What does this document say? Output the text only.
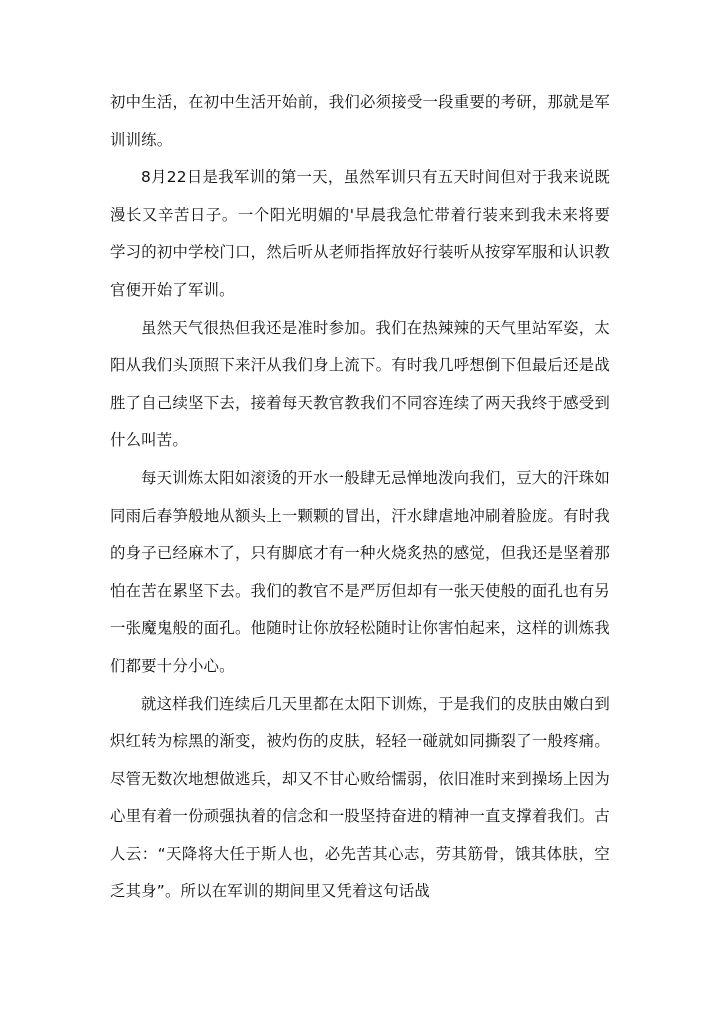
初中生活，在初中生活开始前，我们必须接受一段重要的考研，那就是军训训练。

8月22日是我军训的第一天，虽然军训只有五天时间但对于我来说既漫长又辛苦日子。一个阳光明媚的'早晨我急忙带着行装来到我未来将要学习的初中学校门口，然后听从老师指挥放好行装听从按穿军服和认识教官便开始了军训。

虽然天气很热但我还是准时参加。我们在热辣辣的天气里站军姿，太阳从我们头顶照下来汗从我们身上流下。有时我几呼想倒下但最后还是战胜了自己续坚下去，接着每天教官教我们不同容连续了两天我终于感受到什么叫苦。

每天训炼太阳如滚烫的开水一般肆无忌惮地泼向我们，豆大的汗珠如同雨后春笋般地从额头上一颗颗的冒出，汗水肆虐地冲刷着脸庞。有时我的身子已经麻木了，只有脚底才有一种火烧炙热的感觉，但我还是坚着那怕在苦在累坚下去。我们的教官不是严厉但却有一张天使般的面孔也有另一张魔鬼般的面孔。他随时让你放轻松随时让你害怕起来，这样的训炼我们都要十分小心。

就这样我们连续后几天里都在太阳下训炼，于是我们的皮肤由嫩白到炽红转为棕黑的渐变，被灼伤的皮肤，轻轻一碰就如同撕裂了一般疼痛。尽管无数次地想做逃兵，却又不甘心败给懦弱，依旧准时来到操场上因为心里有着一份顽强执着的信念和一股坚持奋进的精神一直支撑着我们。古人云：“天降将大任于斯人也，必先苦其心志，劳其筋骨，饿其体肤，空乏其身”。所以在军训的期间里又凭着这句话战
